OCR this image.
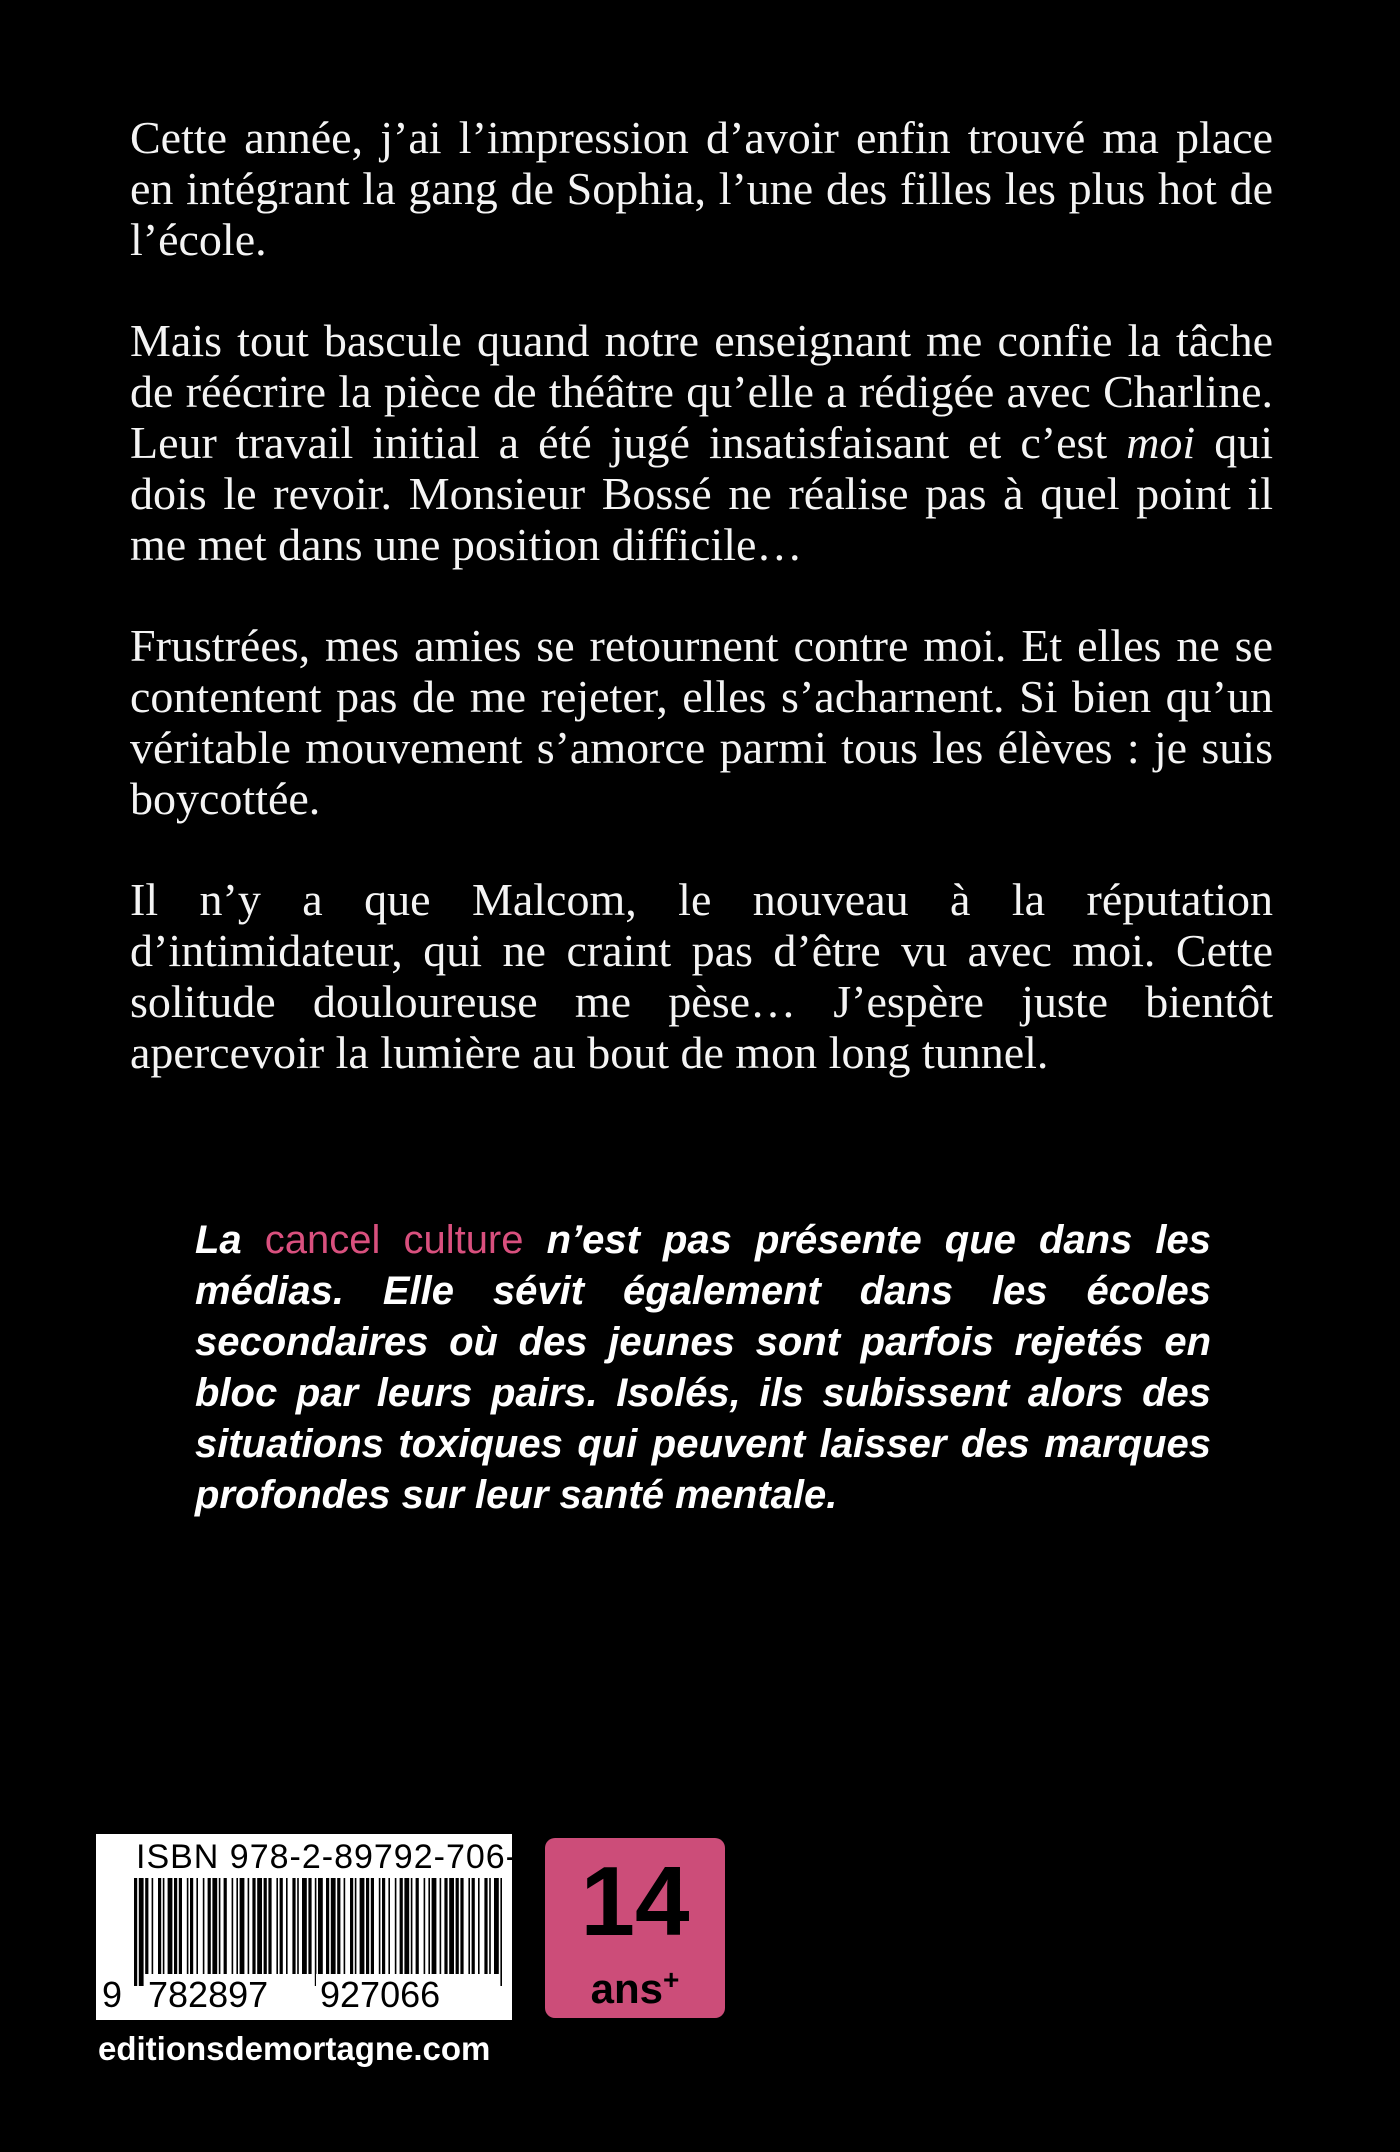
Cette année, j’ai l’impression d’avoir enfin trouvé ma place en intégrant la gang de Sophia, l’une des filles les plus hot de l’école.

Mais tout bascule quand notre enseignant me confie la tâche de réécrire la pièce de théâtre qu’elle a rédigée avec Charline. Leur travail initial a été jugé insatisfaisant et c’est moi qui dois le revoir. Monsieur Bossé ne réalise pas à quel point il me met dans une position difficile…

Frustrées, mes amies se retournent contre moi. Et elles ne se contentent pas de me rejeter, elles s’acharnent. Si bien qu’un véritable mouvement s’amorce parmi tous les élèves : je suis boycottée.

Il n’y a que Malcom, le nouveau à la réputation d’intimidateur, qui ne craint pas d’être vu avec moi. Cette solitude douloureuse me pèse… J’espère juste bientôt apercevoir la lumière au bout de mon long tunnel.

La cancel culture n’est pas présente que dans les médias. Elle sévit également dans les écoles secondaires où des jeunes sont parfois rejetés en bloc par leurs pairs. Isolés, ils subissent alors des situations toxiques qui peuvent laisser des marques profondes sur leur santé mentale.

ISBN 978-2-89792-706-6
9 782897 927066
14
ans+
editionsdemortagne.com
